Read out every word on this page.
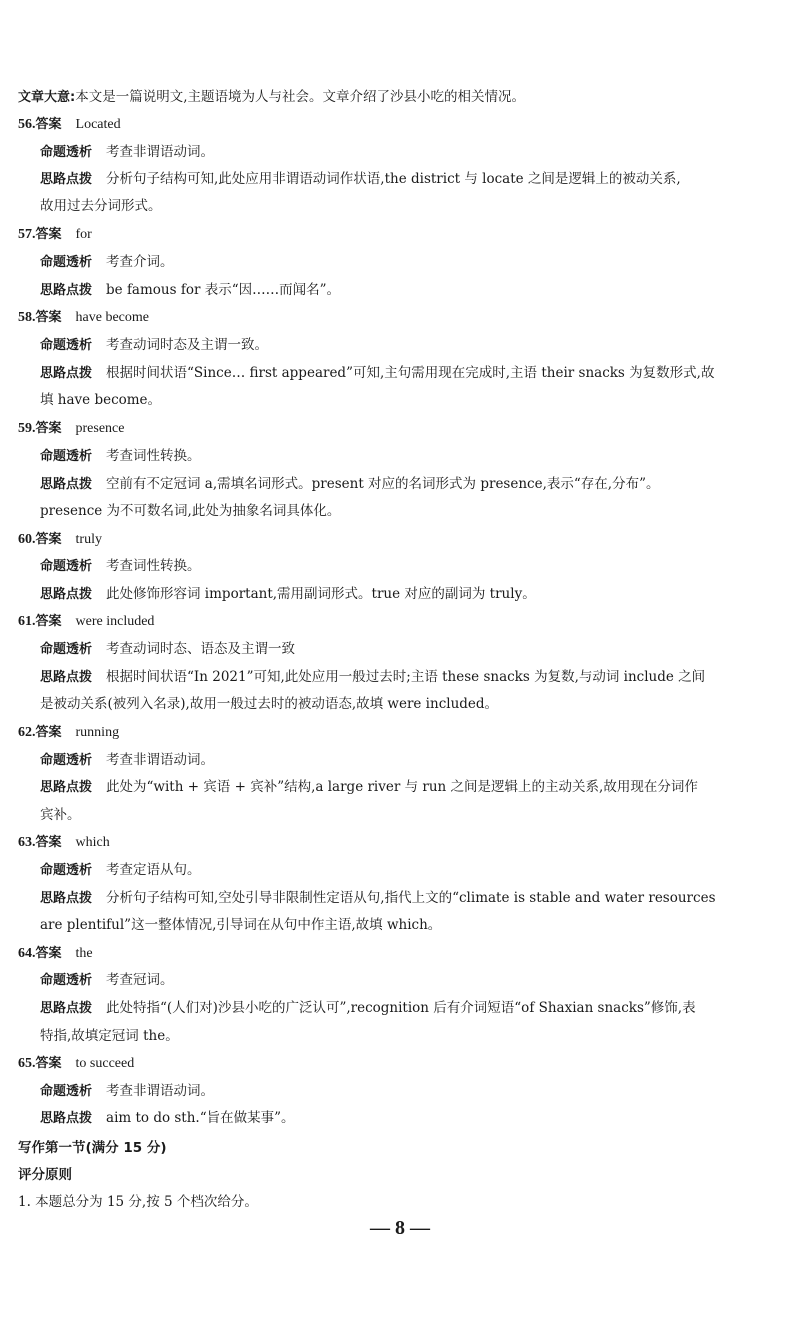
文章大意:本文是一篇说明文,主题语境为人与社会。文章介绍了沙县小吃的相关情况。
56.答案 Located
命题透析 考查非谓语动词。
思路点拨 分析句子结构可知,此处应用非谓语动词作状语,the district 与 locate 之间是逻辑上的被动关系,
故用过去分词形式。
57.答案 for
命题透析 考查介词。
思路点拨 be famous for 表示“因……而闻名”。
58.答案 have become
命题透析 考查动词时态及主谓一致。
思路点拨 根据时间状语“Since… first appeared”可知,主句需用现在完成时,主语 their snacks 为复数形式,故
填 have become。
59.答案 presence
命题透析 考查词性转换。
思路点拨 空前有不定冠词 a,需填名词形式。present 对应的名词形式为 presence,表示“存在,分布”。
presence 为不可数名词,此处为抽象名词具体化。
60.答案 truly
命题透析 考查词性转换。
思路点拨 此处修饰形容词 important,需用副词形式。true 对应的副词为 truly。
61.答案 were included
命题透析 考查动词时态、语态及主谓一致
思路点拨 根据时间状语“In 2021”可知,此处应用一般过去时;主语 these snacks 为复数,与动词 include 之间
是被动关系(被列入名录),故用一般过去时的被动语态,故填 were included。
62.答案 running
命题透析 考查非谓语动词。
思路点拨 此处为“with + 宾语 + 宾补”结构,a large river 与 run 之间是逻辑上的主动关系,故用现在分词作
宾补。
63.答案 which
命题透析 考查定语从句。
思路点拨 分析句子结构可知,空处引导非限制性定语从句,指代上文的“climate is stable and water resources
are plentiful”这一整体情况,引导词在从句中作主语,故填 which。
64.答案 the
命题透析 考查冠词。
思路点拨 此处特指“(人们对)沙县小吃的广泛认可”,recognition 后有介词短语“of Shaxian snacks”修饰,表
特指,故填定冠词 the。
65.答案 to succeed
命题透析 考查非谓语动词。
思路点拨 aim to do sth.“旨在做某事”。
写作第一节(满分 15 分)
评分原则
1. 本题总分为 15 分,按 5 个档次给分。
— 8 —
